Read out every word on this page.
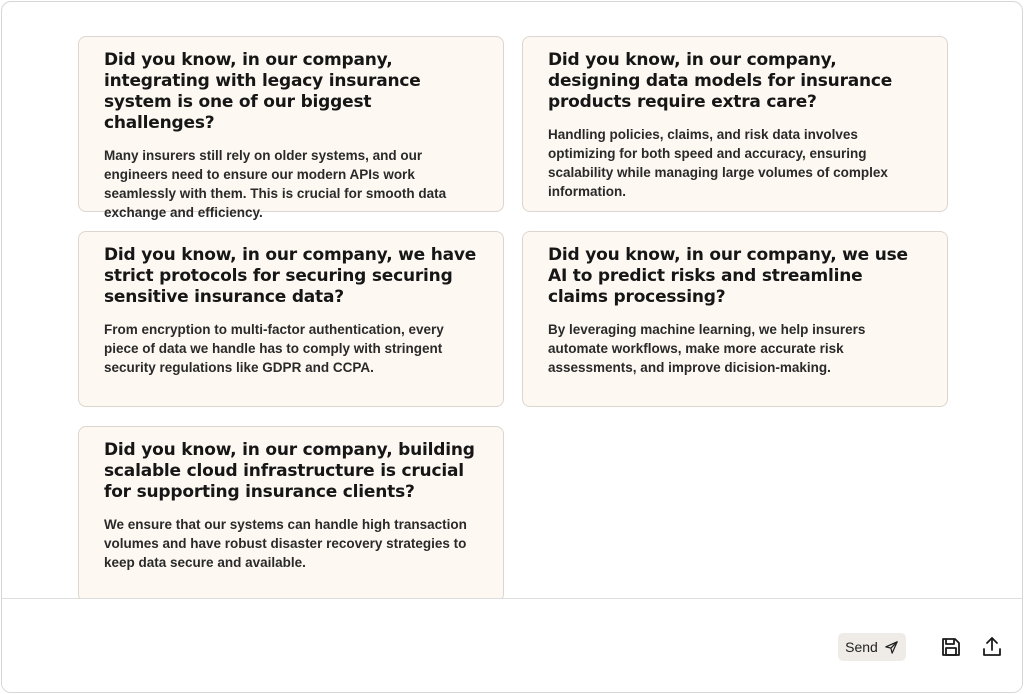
Did you know, in our company, integrating with legacy insurance system is one of our biggest challenges?

Many insurers still rely on older systems, and our engineers need to ensure our modern APIs work seamlessly with them. This is crucial for smooth data exchange and efficiency.

Did you know, in our company, designing data models for insurance products require extra care?

Handling policies, claims, and risk data involves optimizing for both speed and accuracy, ensuring scalability while managing large volumes of complex information.

Did you know, in our company, we have strict protocols for securing securing sensitive insurance data?

From encryption to multi-factor authentication, every piece of data we handle has to comply with stringent security regulations like GDPR and CCPA.

Did you know, in our company, we use AI to predict risks and streamline claims processing?

By leveraging machine learning, we help insurers automate workflows, make more accurate risk assessments, and improve dicision-making.

Did you know, in our company, building scalable cloud infrastructure is crucial for supporting insurance clients?

We ensure that our systems can handle high transaction volumes and have robust disaster recovery strategies to keep data secure and available.

Send
